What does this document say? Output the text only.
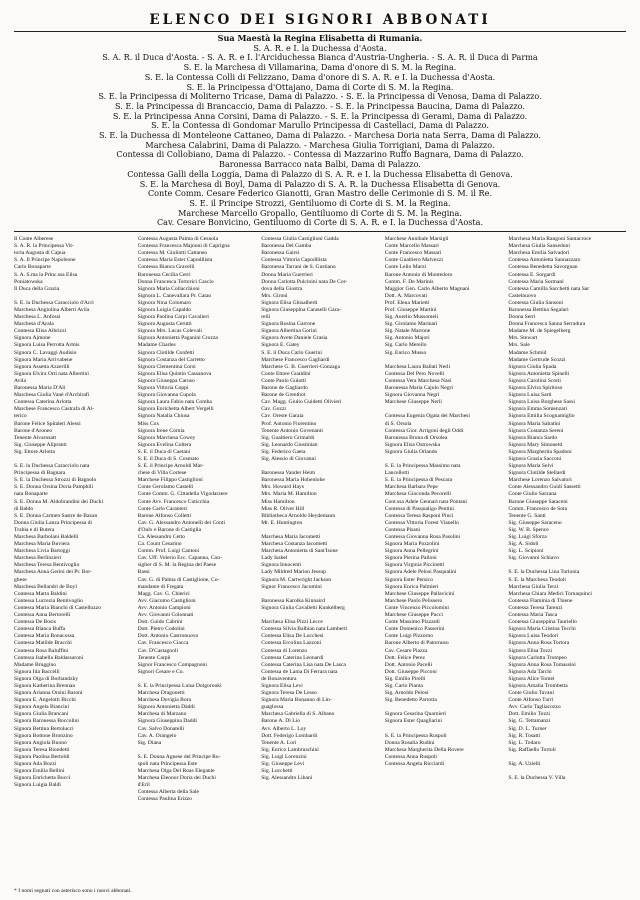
ELENCO DEI SIGNORI ABBONATI

Sua Maestà la Regina Elisabetta di Rumania.

S. A. R. e I. la Duchessa d'Aosta.

S. A. R. il Duca d'Aosta. - S. A. R. e I. l'Arciduchessa Bianca d'Austria-Ungheria. - S. A. R. il Duca di Parma

S. E. la Marchesa di Villamarina, Dama d'onore di S. M. la Regina.

S. E. la Contessa Colli di Felizzano, Dama d'onore di S. A. R. e I. la Duchessa d'Aosta.

S. E. la Principessa d'Ottajano, Dama di Corte di S. M. la Regina.

S. E. la Principessa di Moliterno Tricase, Dama di Palazzo. - S. E. la Principessa di Venosa, Dama di Palazzo.

S. E. la Principessa di Brancaccio, Dama di Palazzo. - S. E. la Principessa Baucina, Dama di Palazzo.

S. E. la Principessa Anna Corsini, Dama di Palazzo. - S. E. la Principessa di Gerami, Dama di Palazzo.

S. E. la Contessa di Gondomar Marullo Principessa di Castellaci, Dama di Palazzo.

S. E. la Duchessa di Monteleone Cattaneo, Dama di Palazzo. - Marchesa Doria nata Serra, Dama di Palazzo.

Marchesa Calabrini, Dama di Palazzo. - Marchesa Giulia Torrigiani, Dama di Palazzo.

Contessa di Collobiano, Dama di Palazzo. - Contessa di Mazzarino Ruffo Bagnara, Dama di Palazzo.

Baronessa Barracco nata Balbi, Dama di Palazzo.

Contessa Galli della Loggia, Dama di Palazzo di S. A. R. e I. la Duchessa Elisabetta di Genova.

S. E. la Marchesa di Boyl, Dama di Palazzo di S. A. R. la Duchessa Elisabetta di Genova.

Conte Comm. Cesare Federico Gianotti, Gran Mastro delle Cerimonie di S. M. il Re.

S. E. il Principe Strozzi, Gentiluomo di Corte di S. M. la Regina.

Marchese Marcello Gropallo, Gentiluomo di Corte di S. M. la Regina.

Cav. Cesare Bonvicino, Gentiluomo di Corte di S. A. R. e I. la Duchessa d'Aosta.

Il Conte Alberese

S. A. R. la Principessa Vit-

toria Augusta di Capua

S. A. Il Principe Napoleone

Carlo Bonaparte

S. A. S.ma la Princ.ssa Elisa

Poniatowska

Il Duca della Grazia

S. E. la Duchessa Caracciolo d'Acri

Marchesa Angiolina Alberti Avila

Marchesa L. Anfossi

Marchesa d'Ayala

Contessa Elisa Albrizzi

Signora Ajmone

Signora Luisa Perrotta Armis

Signora C. Lavaggi Audisio

Signora Maria Arrivabene

Signora Assetta Azzerilli

Signora Elvira Orti nata Albertini

Avila

Baronessa Maria D'Ali

Marchesa Giulia Vanè d'Archirafi

Contessa Caterina Arlotta

Marchese Francesco Castrafa di Al-

terico

Barone Felice Spitaleri Alessi

Barone d'Aroneo

Tenente Alvarosatt

Sig. Giuseppe Alipranti

Sig. Ettore Arlotta

S. E. la Duchessa Caracciolo nata

Principessa di Bagnara

S. E. la Duchessa Strozzi di Bagnolo

S. E. Donna Orsina Doria Pamphili

nata Bonaparte

S. E. Donna M. Aldobrandini dei Duchi

di Baldo

S. E. Donna Carmen Sastre de Bazan

Donna Giulia Lanza Principessa di

Trabia e di Butera

Marchesa Barbolani Baldelli

Marchesa Maria Buviera

Marchesa Livia Bartoggi

Marchesa Berlinzieri

Marchesa Teresa Bentivoglio

Marchesa Anna Gerini dei Pr. Bor-

ghese

Marchesa Bellandri de Boyl

Contessa Marta Baldini

Contessa Lucrezia Bentivoglio

Contessa Maria Bianchi di Castelluzzo

Contessa Anna Bertorelli

Contessa De Bosis

Contessa Bianca Buffa

Contessa Maria Bonacossa

Contessa Matilde Bracchi

Contessa Rosa Baluffini

Contessa Isabella Baldassaroni

Madame Bruggino

Signora Ida Baccelli

Signora Olga di Borbandzky

Signora Katherina Brennan

Signora Arianna Orsini Baroni

Signora E. Angelotti Bicchi

Signora Angela Biancini

Signora Giulia Brancani

Signora Baronessa Boccolini

Signora Bettina Bertolucci

Signora Bottone Bronzino

Signora Angiola Buono

Signora Teresa Biondetti

Signora Paolina Bertoldi

Signora Ada Bozzi

Signora Emilia Bellini

Signora Enrichetta Bucci

Signora Luigia Baldi

Contessa Augusta Palma di Cesnola

Contessa Francesca Majnoni di Caprigna

Contessa M. Giuliotti Cattaneo

Contessa Maria Ester Capodilista

Contessa Bianca Gravelli

Baronessa Cecilia Cerri

Donna Francesca Tortorici Cascio

Signora Maria Collacchioni

Signora L. Canevallara Pr. Catao

Signora Nina Colomaro

Signora Luigia Capaldo

Signora Paolina Carpi Cavalieri

Signora Augusta Cerutti

Signora Mrs. Lucas Colevali

Signora Antonietta Paganini Crozza

Madame Charles

Signora Clotilde Confetti

Signora Costanza del Carretto

Signora Clementina Corsi

Signora Elisa Quintin Cassanova

Signora Giuseppa Caruso

Signora Vittoria Coppi

Signora Giovanna Cupola

Signora Laura Fabio nata Comba

Signora Enrichetta Albert Vergelli

Signora Natalia Chiusa

Miss Cox

Signora Irene Cornia

Signora Marchesa Cowey

Signora Evelina Coltera

S. E. il Duca di Caetani

S. E. il Duca di S. Cosmato

S. E. il Principe Arnoldi Mar-

chese di Villa Cortese

Marchese Filippo Castiglioni

Conte Gerolamo Castelli

Conte Comm. G. Cittadella Vigodarzere

Conte Avv. Francesco Cuticchia

Conte Carlo Caranteri

Barone Alfonso Colletti

Cav. G. Alessandro Antonelli dei Conti

d'Oulx e Barone di Castiglia

Ca. Alessandro Cetto

Ca. Count Cesarino

Comm. Prof. Luigi Cantoni

Cav. Uff. Volerio Ecc. Capanna, Con-

siglier di S. M. la Regina del Paese

Bassi

Cav. G. di Palma di Castiglione, Co-

mandante di Fregata

Magg. Cav. G. Chierici

Avv. Giacomo Castiglioni

Avv. Antonio Campioni

Avv. Giovanni Colonnati

Dott. Guido Cabrini

Dott. Pietro Codolini

Dott. Antonio Castronuovo

Cav. Francesco Ciacca

Cav. D'Castagnoli

Tenente Carpii

Signor Francesco Compagnoni

Signori Cesare e Co.

S. E. la Principessa Luisa Dolgorouki

Marchesa Dragonetti

Marchesa Dovigia Bora

Signora Antonietta Dàddi

Marchesa di Marzano

Signora Giuseppina Daddi

Cav. Salvo Donatelli

Cav. A. Orangelo

Sig. Diana

S. E. Donna Agnese del Principe Ru-

spoli nata Principessa Este

Marchesa Olga Del Roas Elegante

Marchesa Eleonor Doria dei Duchi

d'Eril

Contessa Alberta della Sale

Contessa Paulina Erizzo

Contessa Giulia Castiglioni Gadda

Baronessa Del Gamba

Baronessa Gairsi

Contessa Vittoria Capodilista

Baronessa Tarrani de S. Gustiano

Donna Maria Guerrieri

Donna Carlotta Pulcinini nata De Cor-

dova della Giostra

Mrs. Gironi

Signora Elisa Ghisalberti

Signora Giuseppina Caraselli Gara-

relli

Signora Rosina Garrone

Signora Albertina Gorini

Signora Avete Daniele Grasia

Signora E. Gatey

S. E. il Duca Carlo Guerini

Marchese Francesco Gagliardi

Marchese G. B. Guerrieri-Gonzaga

Conte Ettore Gualdini

Conte Paolo Gulotti

Barone de Gagliardo

Barone de Grenthot

Cav. Magg. Giulio Guidetti Olivieri

Cav. Gozzi

Cav. Oreste Garaia

Prof. Antonio Fiorentino

Tenente Antonio Govenanti

Sig. Gualtiero Grimaldi

Sig. Leonardo Giustinian

Sig. Federico Gaeta

Sig. Alessio di Giovanni

Baronessa Vander Heim

Baronessa Maria Hohenlohe

Mrs. Howard Hays

Mrs. Maria M. Hamilton

Miss Hamilton

Miss R. Oliver Hill

Bibliotheca Arnoldo Heydemann

Mr. E. Huntington

Marchesa Maria Iacometti

Marchesa Costanza Iacometti

Marchesa Antonietta di Sant'Isone

Lady Isabel

Signora Innocenti

Lady Mildred Marion Jessup

Signora M. Cartwright Jackson

Signor Francesco Jacomini

Baronessa Karolka Kinnaird

Signora Giulia Cavalletti Kunkelberg

Marchesa Elisa Pizzi Lecce

Contessa Silvia Balbian nata Lamberti

Contessa Elisa De Lucchesi

Contessa Ercolina Lazzoni

Contessa di Lorenzo

Contessa Caterina Leonardi

Contessa Caterina Lisa nata De Lasca

Contessa de Lama Di Ferrara nata

de Bonaventura

Signora Elisa Levi

Signora Teresa De Lesso

Signora Maria Bonanno di Lin-

guaglossa

Marchesa Gabriella di S. Albano

Barone A. Di Lio

Avv. Alberto L. Loy

Dott. Federigo Lombardi

Tenente A. Lori

Sig. Enrico Lambruschini

Sig. Luigi Lorenzini

Sig. Giuseppe Levi

Sig. Lucchetti

Sig. Alessandro Libani

Marchese Annibale Marsigli

Conte Marcello Massari

Conte Francesco Massari

Conte Gualtiero Malvezzi

Conte Lelio Marzi

Barone Antonio di Montedoro

Comm. F. De Marinis

Maggior Gen. Carlo Alberto Magnani

Dott. A. Marcovati

Prof. Elena Marietti

Prof. Giuseppe Martini

Sig. Aurelio Mussomeli

Sig. Girolamo Marinari

Sig. Natale Marrone

Sig. Antonio Majori

Sig. Carlo Merello

Sig. Enrico Musso

Marchesa Laura Ballati Nerli

Contessa Del Pero Novelli

Contessa Vera Marchesa Nasi

Baronessa Maria Cajulo Negri

Signora Giovanna Negri

Marchese Giuseppe Nerli

Contessa Eugenia Ogata dei Marchesi

di S. Orsola

Contessa Gior. Arrigoni degli Oddi

Baronessa Bruna di Orsolea

Signora Elisa Ostrowska

Signora Giulia Orlando

S. E. la Principessa Massimo nata

Lancellotti

S. E. la Principessa di Pescara

Marchesa Barbara Pepe

Marchesa Gioconda Pecorelli

Cont.ssa Adele Gennari nata Pontani

Contessa di Pasqualigo Pentini

Contessa Teresa Rasponi Pinci

Contessa Vittoria Forest Vianello

Contessa Pisani

Contessa Giovanna Rosa Pasolini

Signora Maria Pozzolini

Signora Anna Pellegrini

Signora Pierina Palloni

Signora Virginia Piccinetti

Signora Adele Pelosi Pasqualini

Signora Ester Persico

Signora Enrica Palmieri

Marchese Giuseppe Pallavicini

Marchese Paolo Pelissero

Conte Vincenzo Piccolomini

Marchese Giuseppe Pucci

Conte Massimo Pizzardi

Conte Domenico Passerini

Conte Luigi Pizzorno

Barone Alberto di Patornuso

Cav. Cesare Piazza

Dott. Felice Perez

Dott. Antonio Pacelli

Dott. Giuseppe Picconi

Sig. Emilio Pirelli

Sig. Carlo Pianta

Sig. Arnoldo Pelosi

Sig. Benedetto Parrotta

Signora Cesarina Quarnieri

Signora Ester Quagliarini

S. E. la Principessa Ruspoli

Donna Rosalia Rudini

Marchesa Margherita Della Rovere

Contessa Anna Ruspoli

Contessa Angela Ricciardi

Marchesa Maria Rangoni Santacroce

Marchesa Giulia Sansedoni

Marchesa Emilia Salvadori

Contessa Antonietta Sannazzaro

Contessa Benedetta Savorgnan

Contessa E. Sorgardi

Contessa Maria Sormani

Contessa Camilla Sacchetti nata Sar

Castelnuovo

Contessa Giulia Sansoni

Baronessa Bettina Segalari

Donna Serri

Donna Francesca Sanna Serradura

Madame M. de Spiegelberg

Mrs. Stewart

Mrs. Sale

Madame Schmid

Madame Gertrude Scozzi

Signora Giulia Spada

Signora Antonietta Spinelli

Signora Carolina Scotti

Signora Elvira Spiritoso

Signora Luisa Sarti

Signora Luisa Borghese Sassi

Signora Emma Somenzari

Signora Emilia Scognamiglio

Signora Maria Sabatini

Signora Costanza Sereni

Signora Bianca Sardo

Signora Mary Simonetti

Signora Margherita Spadoni

Signora Grazia Sacconi

Signora Maria Selvi

Signora Clotilde Stellardi

Marchese Lorenzo Salvatori

Conte Alessandro Guidi Sassetti

Conte Giulio Sarzana

Barone Giuseppe Saraceni

Comm. Francesco de Sota

Tenente G. Santi

Sig. Giuseppe Saraceno

Sig. W. B. Spence

Sig. Luigi Sforza

Sig. A. Sidoli

Sig. L. Scipioni

Sig. Giovanni Schiavo

S. E. la Duchessa Lina Torlonia

S. E. la Marchesa Teodoli

Marchesa Giulia Terzi

Marchesa Chiara Medici Tornaquinci

Contessa Flaminia di Thiene

Contessa Teresa Tarenzi

Contessa Maria Tasca

Contessa Giuseppina Tauriello

Signora Maria Cristina Tecchi

Signora Luisa Teodori

Signora Anna Rosa Tortora

Signora Elisa Tozzi

Signora Carlotta Trompeo

Signora Anna Rosa Tomassini

Signora Ada Tarchi

Signora Alice Tomei

Signora Amalia Trombetta

Conte Giulio Tavani

Conte Alfonso Turri

Avv. Carlo Tagliacozzo

Dott. Emilio Tozzi

Sig. G. Tettamanzi

Sig. D. L. Turner

Sig. R. Tosatti

Sig. L. Todaro

Sig. Raffaello Tortoli

Sig. A. Uzielli

S. E. la Duchessa V. Villa

* I nomi segnati con asterisco sono i nuovi abbonati.
